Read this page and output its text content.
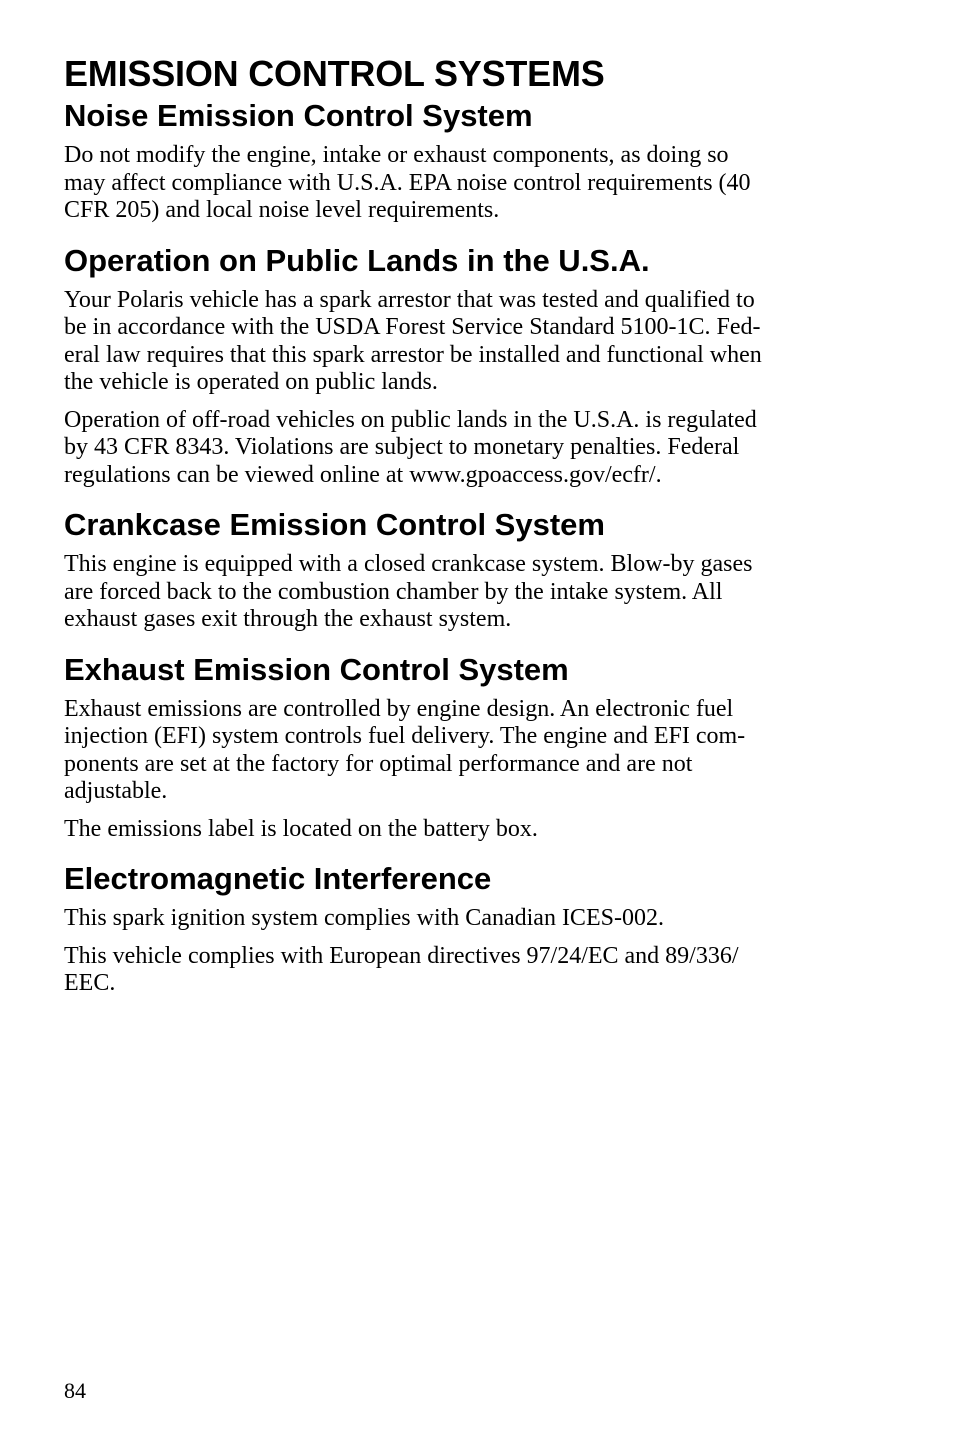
EMISSION CONTROL SYSTEMS
Noise Emission Control System

Do not modify the engine, intake or exhaust components, as doing so
may affect compliance with U.S.A. EPA noise control requirements (40
CFR 205) and local noise level requirements.

Operation on Public Lands in the U.S.A.

Your Polaris vehicle has a spark arrestor that was tested and qualified to
be in accordance with the USDA Forest Service Standard 5100-1C. Fed-
eral law requires that this spark arrestor be installed and functional when
the vehicle is operated on public lands.

Operation of off-road vehicles on public lands in the U.S.A. is regulated
by 43 CFR 8343. Violations are subject to monetary penalties. Federal
regulations can be viewed online at www.gpoaccess.gov/ecfr/.

Crankcase Emission Control System

This engine is equipped with a closed crankcase system. Blow-by gases
are forced back to the combustion chamber by the intake system. All
exhaust gases exit through the exhaust system.

Exhaust Emission Control System

Exhaust emissions are controlled by engine design. An electronic fuel
injection (EFI) system controls fuel delivery. The engine and EFI com-
ponents are set at the factory for optimal performance and are not
adjustable.

The emissions label is located on the battery box.

Electromagnetic Interference

This spark ignition system complies with Canadian ICES-002.

This vehicle complies with European directives 97/24/EC and 89/336/
EEC.

84
